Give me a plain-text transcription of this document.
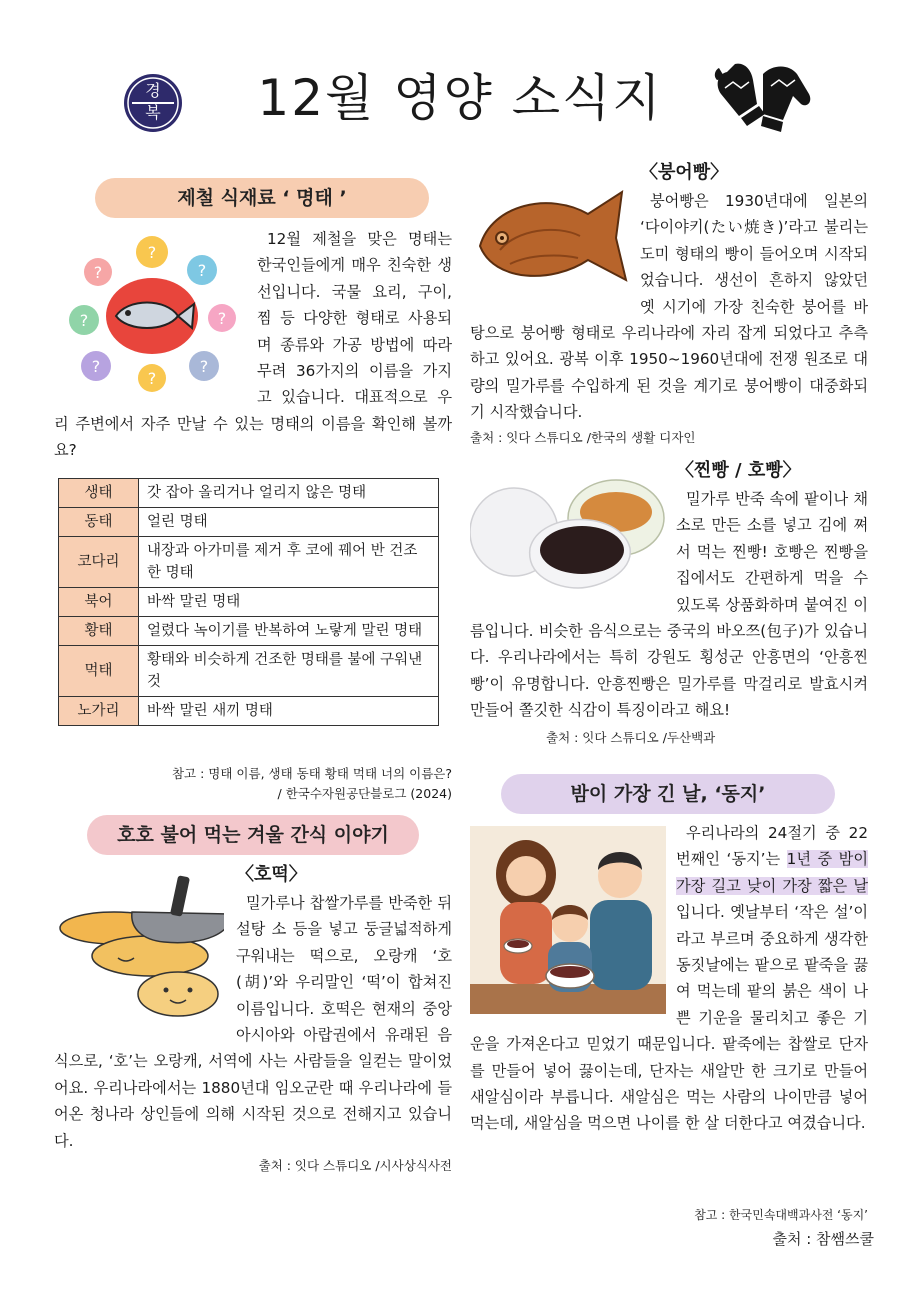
경복	12월 영양 소식지
제철 식재료 ‘ 명태 ’
?
?
?
?	?
?
?
?

12월 제철을 맞은 명태는 한국인들에게 매우 친숙한 생선입니다. 국물 요리, 구이, 찜 등 다양한 형태로 사용되며 종류와 가공 방법에 따라 무려 36가지의 이름을 가지고 있습니다. 대표적으로 우리 주변에서 자주 만날 수 있는 명태의 이름을 확인해 볼까요?

생태	갓 잡아 올리거나 얼리지 않은 명태
동태	얼린 명태
코다리	내장과 아가미를 제거 후 코에 꿰어 반 건조한 명태
북어	바싹 말린 명태
황태	얼렸다 녹이기를 반복하여 노랗게 말린 명태
먹태	황태와 비슷하게 건조한 명태를 불에 구워낸 것
노가리	바싹 말린 새끼 명태
참고 : 명태 이름, 생태 동태 황태 먹태 너의 이름은?
/ 한국수자원공단블로그 (2024)
호호 불어 먹는 겨울 간식 이야기
〈호떡〉

밀가루나 찹쌀가루를 반죽한 뒤 설탕 소 등을 넣고 둥글넓적하게 구워내는 떡으로, 오랑캐 ‘호(胡)’와 우리말인 ‘떡’이 합쳐진 이름입니다. 호떡은 현재의 중앙아시아와 아랍권에서 유래된 음식으로, ‘호’는 오랑캐, 서역에 사는 사람들을 일컫는 말이었어요. 우리나라에서는 1880년대 임오군란 때 우리나라에 들어온 청나라 상인들에 의해 시작된 것으로 전해지고 있습니다.

출처 : 잇다 스튜디오 /시사상식사전
〈붕어빵〉

붕어빵은 1930년대에 일본의 ‘다이야키(たい焼き)’라고 불리는 도미 형태의 빵이 들어오며 시작되었습니다. 생선이 흔하지 않았던 옛 시기에 가장 친숙한 붕어를 바탕으로 붕어빵 형태로 우리나라에 자리 잡게 되었다고 추측하고 있어요. 광복 이후 1950~1960년대에 전쟁 원조로 대량의 밀가루를 수입하게 된 것을 계기로 붕어빵이 대중화되기 시작했습니다.

출처 : 잇다 스튜디오 /한국의 생활 디자인
〈찐빵 / 호빵〉

밀가루 반죽 속에 팥이나 채소로 만든 소를 넣고 김에 쪄서 먹는 찐빵! 호빵은 찐빵을 집에서도 간편하게 먹을 수 있도록 상품화하며 붙여진 이름입니다. 비슷한 음식으로는 중국의 바오쯔(包子)가 있습니다. 우리나라에서는 특히 강원도 횡성군 안흥면의 ‘안흥찐빵’이 유명합니다. 안흥찐빵은 밀가루를 막걸리로 발효시켜 만들어 쫄깃한 식감이 특징이라고 해요!

출처 : 잇다 스튜디오 /두산백과
밤이 가장 긴 날, ‘동지’

우리나라의 24절기 중 22번째인 ‘동지’는 1년 중 밤이 가장 길고 낮이 가장 짧은 날입니다. 옛날부터 ‘작은 설’이라고 부르며 중요하게 생각한 동짓날에는 팥으로 팥죽을 끓여 먹는데 팥의 붉은 색이 나쁜 기운을 물리치고 좋은 기운을 가져온다고 믿었기 때문입니다. 팥죽에는 찹쌀로 단자를 만들어 넣어 끓이는데, 단자는 새알만 한 크기로 만들어 새알심이라 부릅니다. 새알심은 먹는 사람의 나이만큼 넣어 먹는데, 새알심을 먹으면 나이를 한 살 더한다고 여겼습니다.

참고 : 한국민속대백과사전 ‘동지’
출처 : 참쌤쓰쿨
